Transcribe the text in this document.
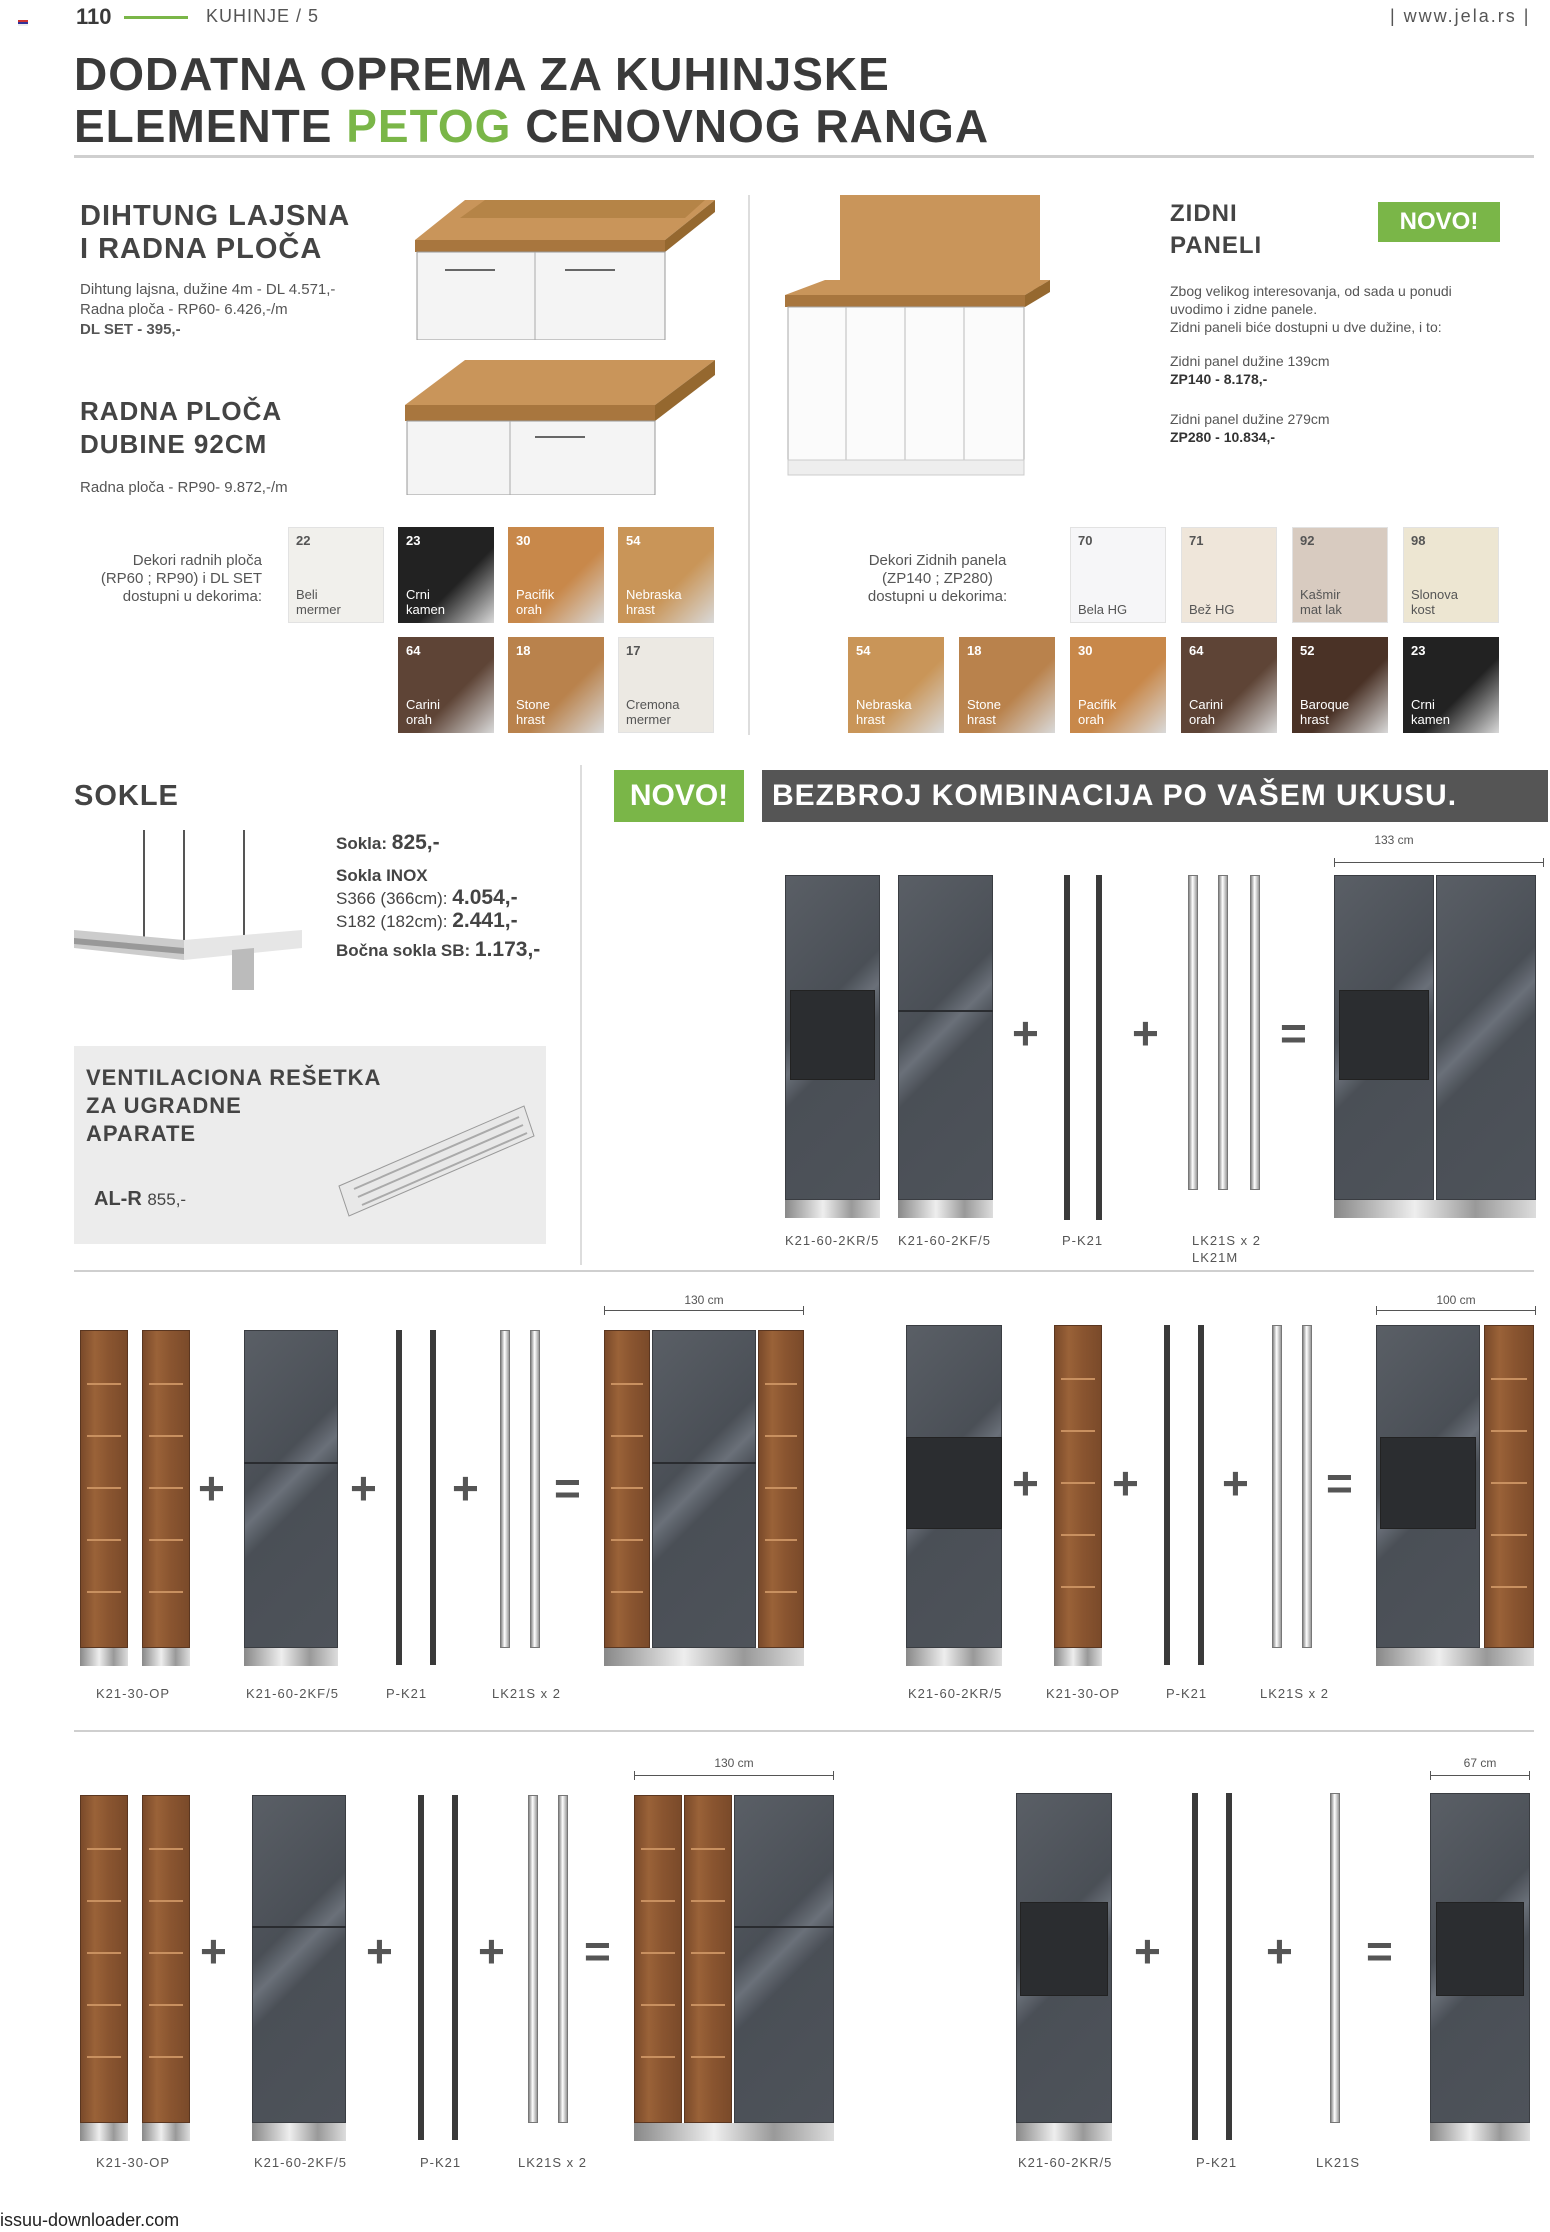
110	KUHINJE / 5	| www.jela.rs |
DODATNA OPREMA ZA KUHINJSKE
ELEMENTE PETOG CENOVNOG RANGA
DIHTUNG LAJSNA
I RADNA PLOČA
Dihtung lajsna, dužine 4m - DL 4.571,-
Radna ploča - RP60- 6.426,-/m
DL SET - 395,-
RADNA PLOČA
DUBINE 92CM
Radna ploča - RP90- 9.872,-/m
ZIDNI
PANELI
NOVO!
Zbog velikog interesovanja, od sada u ponudi
uvodimo i zidne panele.
Zidni paneli biće dostupni u dve dužine, i to:
Zidni panel dužine 139cm
ZP140 - 8.178,-
Zidni panel dužine 279cm
ZP280 - 10.834,-
Dekori radnih ploča
(RP60 ; RP90) i DL SET
dostupni u dekorima:
22
Beli
mermer
23
Crni
kamen
30
Pacifik
orah
54
Nebraska
hrast
64
Carini
orah
18
Stone
hrast
17
Cremona
mermer
Dekori Zidnih panela
(ZP140 ; ZP280)
dostupni u dekorima:
70
Bela HG
71
Bež HG
92
Kašmir
mat lak
98
Slonova
kost
54
Nebraska
hrast
18
Stone
hrast
30
Pacifik
orah
64
Carini
orah
52
Baroque
hrast
23
Crni
kamen
SOKLE
Sokla: 825,-
Sokla INOX
S366 (366cm): 4.054,-
S182 (182cm): 2.441,-
Bočna sokla SB: 1.173,-
VENTILACIONA REŠETKA
ZA UGRADNE
APARATE
AL-R 855,-
NOVO!	BEZBROJ KOMBINACIJA PO VAŠEM UKUSU.
133 cm
+ +	=
K21-60-2KR/5 K21-60-2KF/5	P-K21	LK21S x 2
LK21M
130 cm
+	+ + =
K21-30-OP	K21-60-2KF/5	P-K21	LK21S x 2
100 cm
+ + + =
K21-60-2KR/5	K21-30-OP	P-K21	LK21S x 2
130 cm
+	+ + =
K21-30-OP	K21-60-2KF/5	P-K21	LK21S x 2
67 cm
+ + =
K21-60-2KR/5	P-K21	LK21S
issuu-downloader.com
